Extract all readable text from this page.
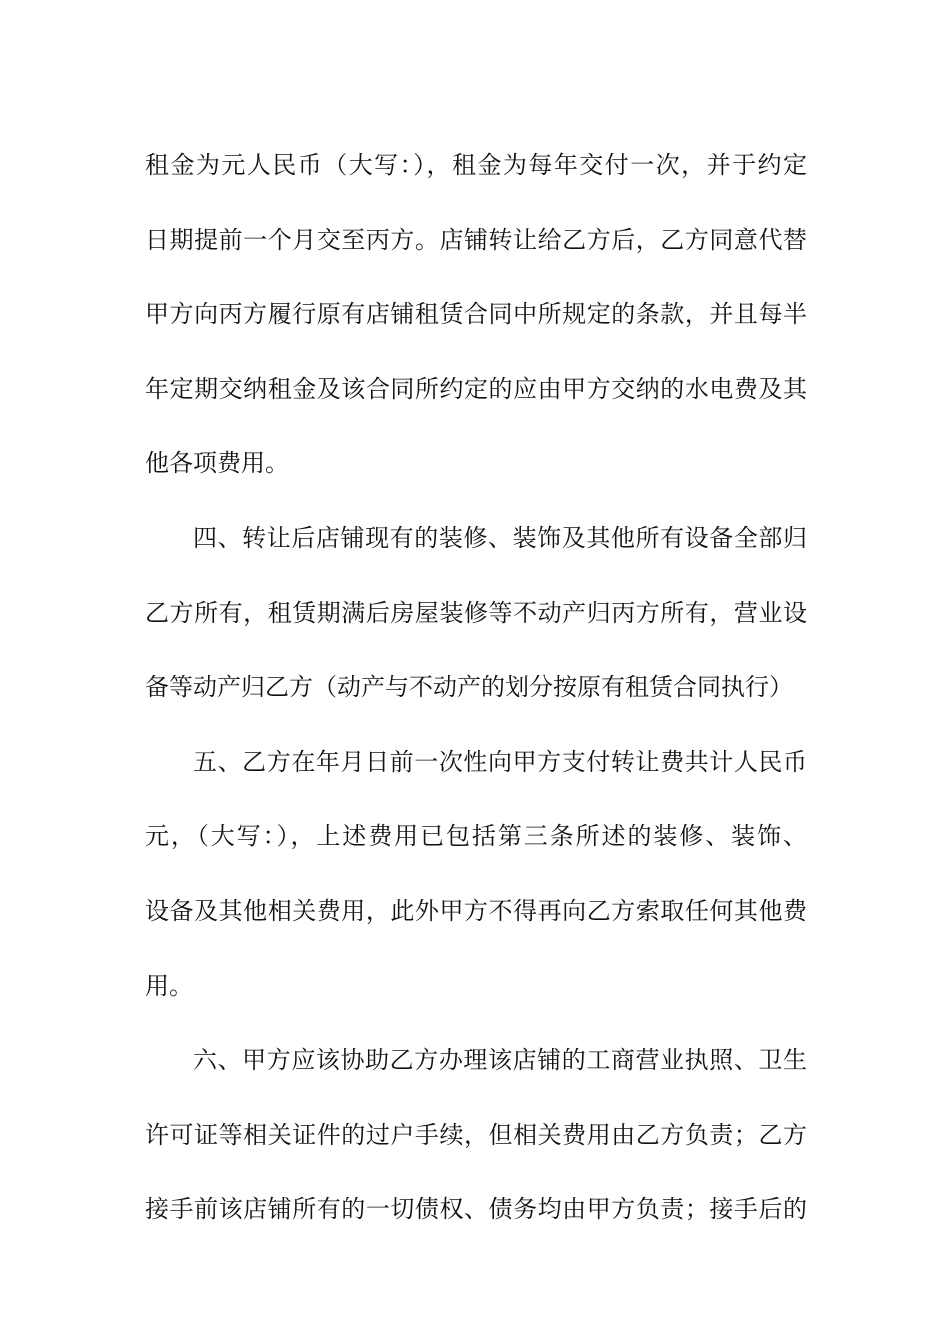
租金为元人民币（大写：），租金为每年交付一次，并于约定
日期提前一个月交至丙方。店铺转让给乙方后，乙方同意代替
甲方向丙方履行原有店铺租赁合同中所规定的条款，并且每半
年定期交纳租金及该合同所约定的应由甲方交纳的水电费及其
他各项费用。
四、转让后店铺现有的装修、装饰及其他所有设备全部归
乙方所有，租赁期满后房屋装修等不动产归丙方所有，营业设
备等动产归乙方（动产与不动产的划分按原有租赁合同执行）
五、乙方在年月日前一次性向甲方支付转让费共计人民币
元，（大写：），上述费用已包括第三条所述的装修、装饰、
设备及其他相关费用，此外甲方不得再向乙方索取任何其他费
用。
六、甲方应该协助乙方办理该店铺的工商营业执照、卫生
许可证等相关证件的过户手续，但相关费用由乙方负责；乙方
接手前该店铺所有的一切债权、债务均由甲方负责；接手后的
